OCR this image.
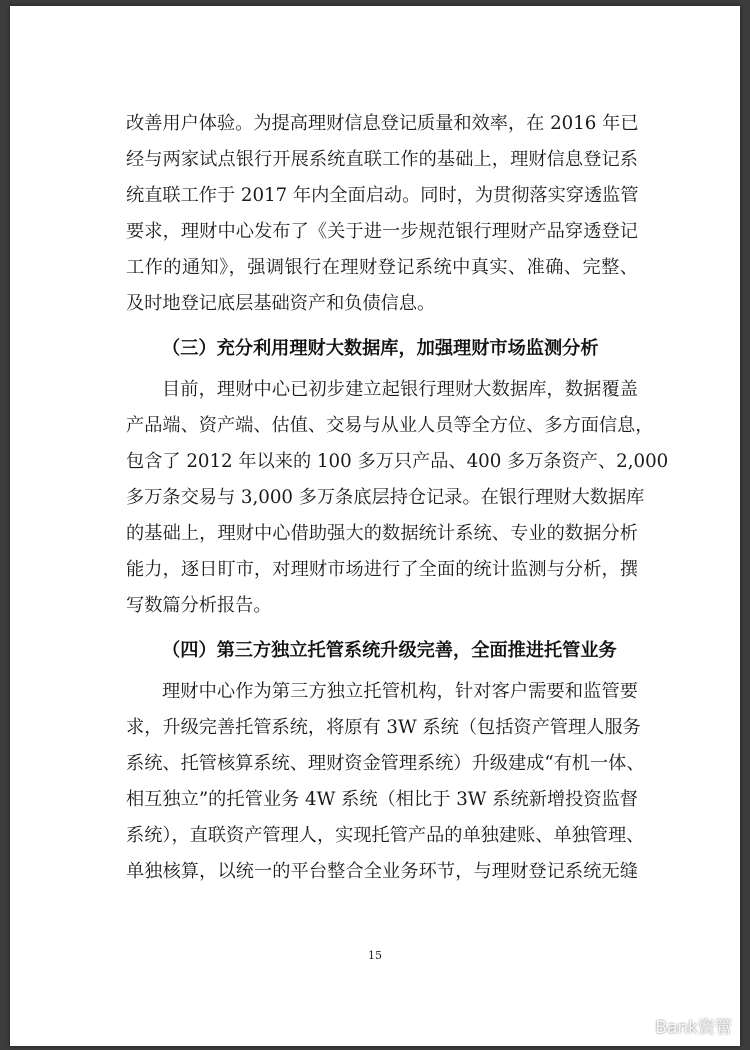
改善用户体验。为提高理财信息登记质量和效率，在 2016 年已
经与两家试点银行开展系统直联工作的基础上，理财信息登记系
统直联工作于 2017 年内全面启动。同时，为贯彻落实穿透监管
要求，理财中心发布了《关于进一步规范银行理财产品穿透登记
工作的通知》，强调银行在理财登记系统中真实、准确、完整、
及时地登记底层基础资产和负债信息。
（三）充分利用理财大数据库，加强理财市场监测分析
目前，理财中心已初步建立起银行理财大数据库，数据覆盖
产品端、资产端、估值、交易与从业人员等全方位、多方面信息，
包含了 2012 年以来的 100 多万只产品、400 多万条资产、2,000
多万条交易与 3,000 多万条底层持仓记录。在银行理财大数据库
的基础上，理财中心借助强大的数据统计系统、专业的数据分析
能力，逐日盯市，对理财市场进行了全面的统计监测与分析，撰
写数篇分析报告。
（四）第三方独立托管系统升级完善，全面推进托管业务
理财中心作为第三方独立托管机构，针对客户需要和监管要
求，升级完善托管系统，将原有 3W 系统（包括资产管理人服务
系统、托管核算系统、理财资金管理系统）升级建成“有机一体、
相互独立”的托管业务 4W 系统（相比于 3W 系统新增投资监督
系统），直联资产管理人，实现托管产品的单独建账、单独管理、
单独核算，以统一的平台整合全业务环节，与理财登记系统无缝
15
Bank资管
